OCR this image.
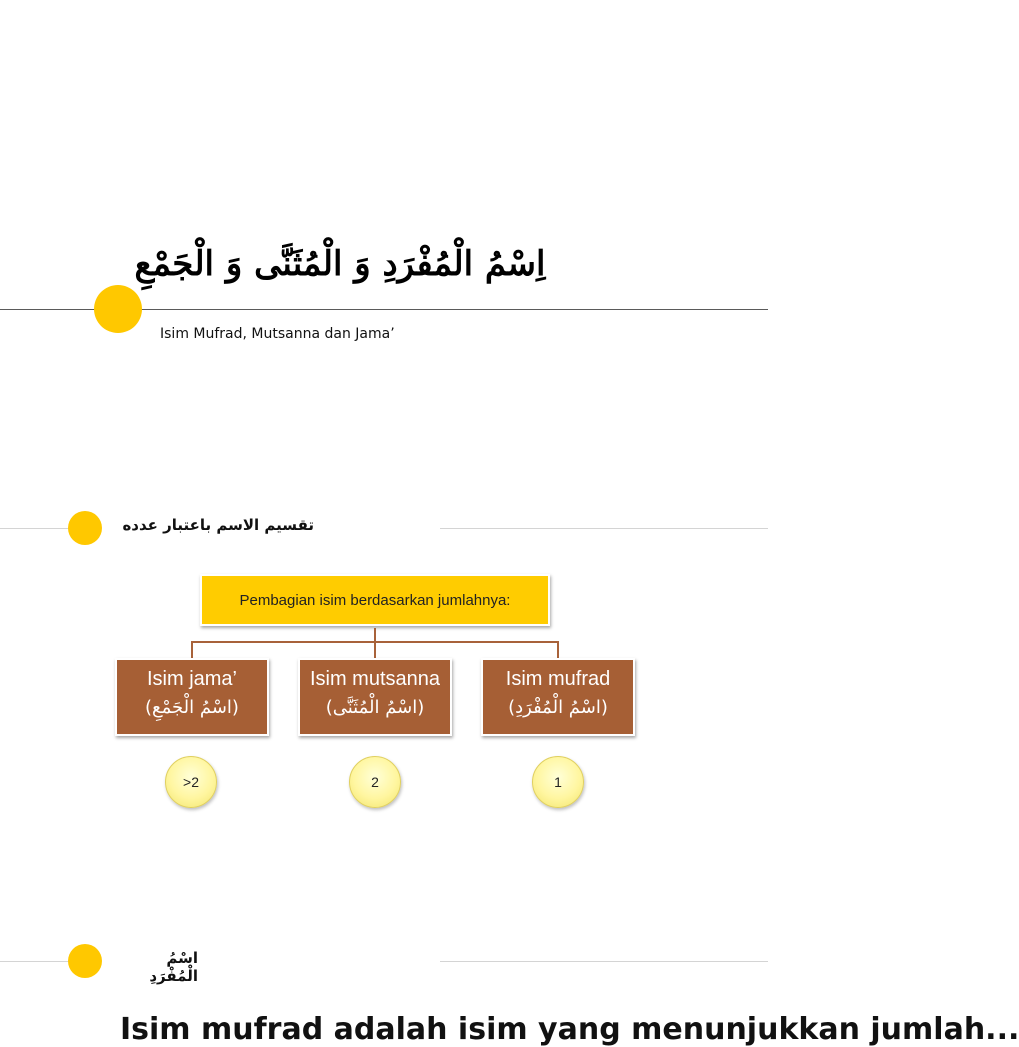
اِسْمُ الْمُفْرَدِ وَ الْمُثَنَّى وَ الْجَمْعِ
Isim Mufrad, Mutsanna dan Jama’
تقسيم الاسم باعتبار عدده
Pembagian isim berdasarkan jumlahnya:
Isim jama’
(اسْمُ الْجَمْعِ)
Isim mutsanna
(اسْمُ الْمُثَنَّى)
Isim mufrad
(اسْمُ الْمُفْرَدِ)
>2	2	1
اسْمُ الْمُفْرَدِ
Isim mufrad adalah isim yang menunjukkan jumlah...
